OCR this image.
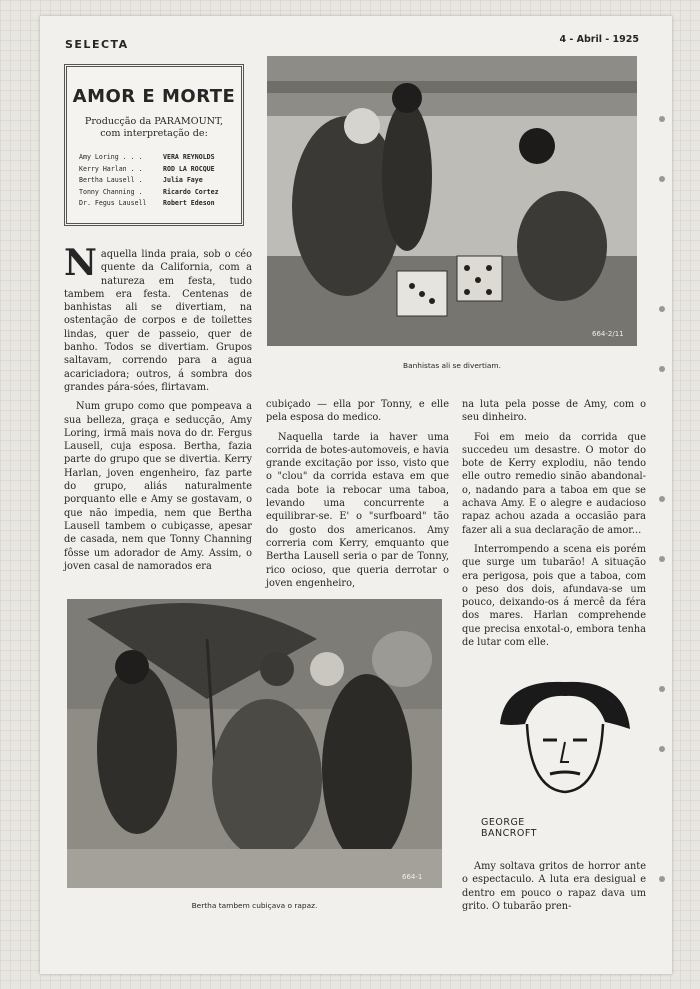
SELECTA	4 - Abril - 1925
AMOR E MORTE
Producção da PARAMOUNT,
com interpretação de:
Amy Loring . . .	VERA REYNOLDS
Kerry Harlan . .	ROD LA ROCQUE
Bertha Lausell .	Julia Faye
Tonny Channing .	Ricardo Cortez
Dr. Fegus Lausell	Robert Edeson
664-2/11
Banhistas ali se divertiam.

Naquella linda praia, sob o céo quente da California, com a natureza em festa, tudo tambem era festa. Centenas de banhistas ali se divertiam, na ostentação de corpos e de toilettes lindas, quer de passeio, quer de banho. Todos se divertiam. Grupos saltavam, correndo para a agua acariciadora; outros, á sombra dos grandes pára-sóes, flirtavam.

Num grupo como que pompeava a sua belleza, graça e seducção, Amy Loring, irmã mais nova do dr. Fergus Lausell, cuja esposa. Bertha, fazia parte do grupo que se divertia. Kerry Harlan, joven engenheiro, faz parte do grupo, aliás naturalmente porquanto elle e Amy se gostavam, o que não impedia, nem que Bertha Lausell tambem o cubiçasse, apesar de casada, nem que Tonny Channing fôsse um adorador de Amy. Assim, o joven casal de namorados era

cubiçado — ella por Tonny, e elle pela esposa do medico.

Naquella tarde ia haver uma corrida de botes-automoveis, e havia grande excitação por isso, visto que o "clou" da corrida estava em que cada bote ia rebocar uma taboa, levando uma concurrente a equilibrar-se. E' o "surfboard" tão do gosto dos americanos. Amy correria com Kerry, emquanto que Bertha Lausell seria o par de Tonny, rico ocioso, que queria derrotar o joven engenheiro,

na luta pela posse de Amy, com o seu dinheiro.

Foi em meio da corrida que succedeu um desastre. O motor do bote de Kerry explodiu, não tendo elle outro remedio sinão abandonal-o, nadando para a taboa em que se achava Amy. E o alegre e audacioso rapaz achou azada a occasião para fazer ali a sua declaração de amor...

Interrompendo a scena eis porém que surge um tubarão! A situação era perigosa, pois que a taboa, com o peso dos dois, afundava-se um pouco, deixando-os á mercê da féra dos mares. Harlan comprehende que precisa enxotal-o, embora tenha de lutar com elle.

664-1
Bertha tambem cubiçava o rapaz.
GEORGE
BANCROFT

Amy soltava gritos de horror ante o espectaculo. A luta era desigual e dentro em pouco o rapaz dava um grito. O tubarão pren-
